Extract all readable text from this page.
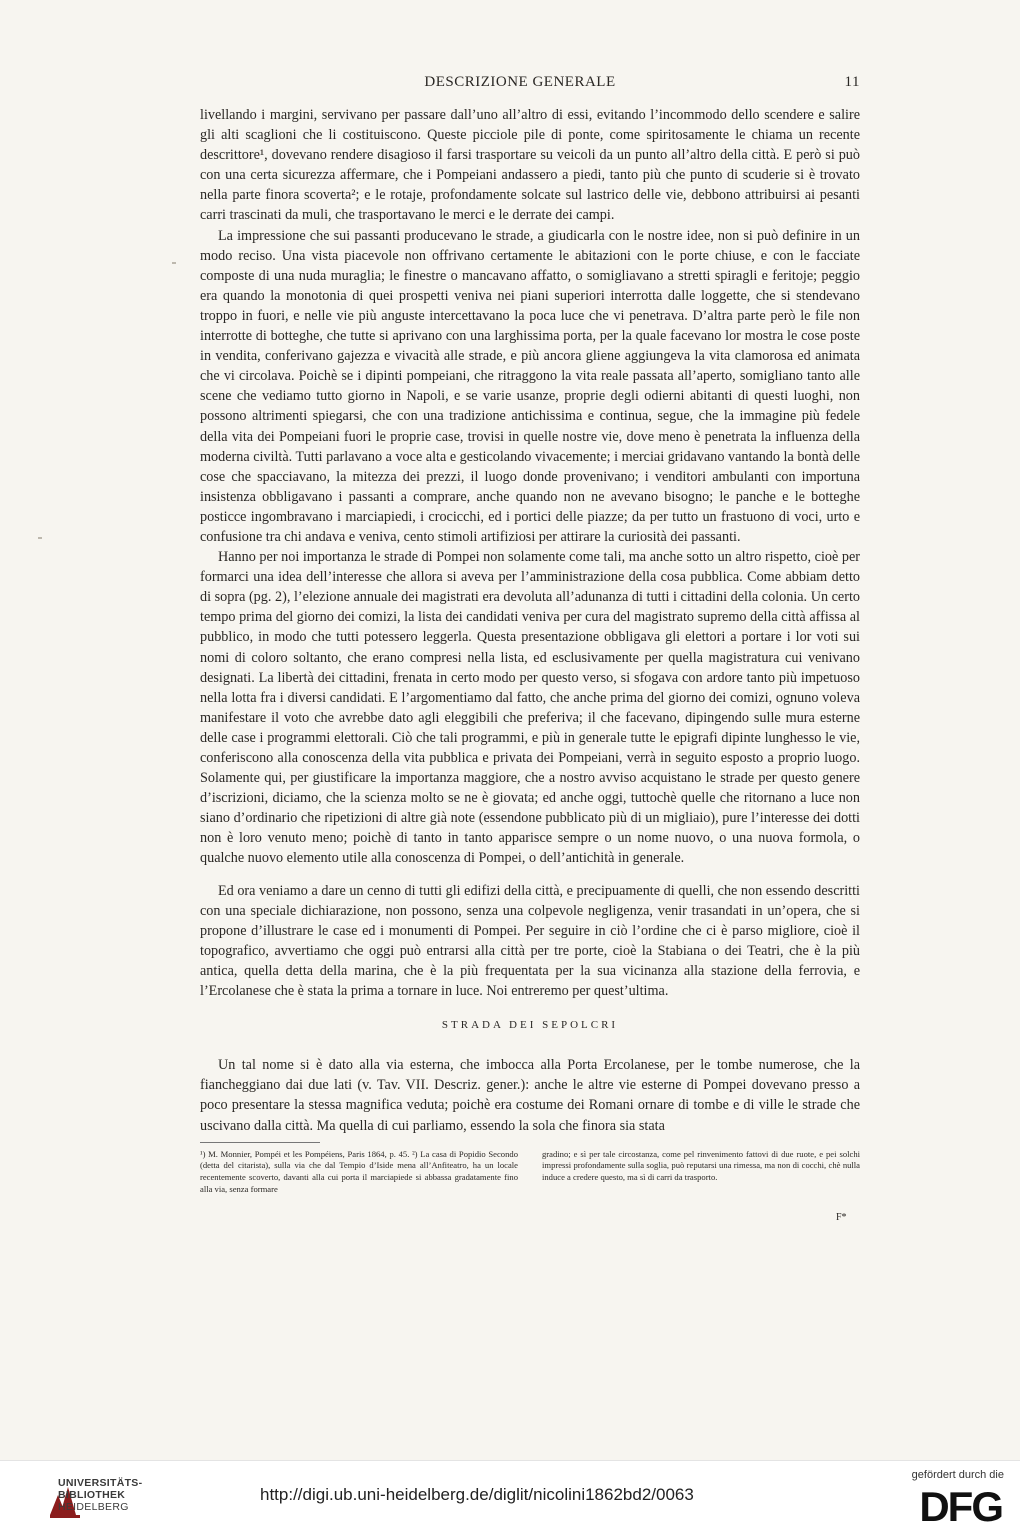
DESCRIZIONE GENERALE	11

livellando i margini, servivano per passare dall’uno all’altro di essi, evitando l’incommodo dello scendere e salire gli alti scaglioni che li costituiscono. Queste picciole pile di ponte, come spiritosamente le chiama un recente descrittore¹, dovevano rendere disagioso il farsi trasportare su veicoli da un punto all’altro della città. E però si può con una certa sicurezza affermare, che i Pompeiani andassero a piedi, tanto più che punto di scuderie si è trovato nella parte finora scoverta²; e le rotaje, profondamente solcate sul lastrico delle vie, debbono attribuirsi ai pesanti carri trascinati da muli, che trasportavano le merci e le derrate dei campi.

La impressione che sui passanti producevano le strade, a giudicarla con le nostre idee, non si può definire in un modo reciso. Una vista piacevole non offrivano certamente le abitazioni con le porte chiuse, e con le facciate composte di una nuda muraglia; le finestre o mancavano affatto, o somigliavano a stretti spiragli e feritoje; peggio era quando la monotonia di quei prospetti veniva nei piani superiori interrotta dalle loggette, che si stendevano troppo in fuori, e nelle vie più anguste intercettavano la poca luce che vi penetrava. D’altra parte però le file non interrotte di botteghe, che tutte si aprivano con una larghissima porta, per la quale facevano lor mostra le cose poste in vendita, conferivano gajezza e vivacità alle strade, e più ancora gliene aggiungeva la vita clamorosa ed animata che vi circolava. Poichè se i dipinti pompeiani, che ritraggono la vita reale passata all’aperto, somigliano tanto alle scene che vediamo tutto giorno in Napoli, e se varie usanze, proprie degli odierni abitanti di questi luoghi, non possono altrimenti spiegarsi, che con una tradizione antichissima e continua, segue, che la immagine più fedele della vita dei Pompeiani fuori le proprie case, trovisi in quelle nostre vie, dove meno è penetrata la influenza della moderna civiltà. Tutti parlavano a voce alta e gesticolando vivacemente; i merciai gridavano vantando la bontà delle cose che spacciavano, la mitezza dei prezzi, il luogo donde provenivano; i venditori ambulanti con importuna insistenza obbligavano i passanti a comprare, anche quando non ne avevano bisogno; le panche e le botteghe posticce ingombravano i marciapiedi, i crocicchi, ed i portici delle piazze; da per tutto un frastuono di voci, urto e confusione tra chi andava e veniva, cento stimoli artifiziosi per attirare la curiosità dei passanti.

Hanno per noi importanza le strade di Pompei non solamente come tali, ma anche sotto un altro rispetto, cioè per formarci una idea dell’interesse che allora si aveva per l’amministrazione della cosa pubblica. Come abbiam detto di sopra (pg. 2), l’elezione annuale dei magistrati era devoluta all’adunanza di tutti i cittadini della colonia. Un certo tempo prima del giorno dei comizi, la lista dei candidati veniva per cura del magistrato supremo della città affissa al pubblico, in modo che tutti potessero leggerla. Questa presentazione obbligava gli elettori a portare i lor voti sui nomi di coloro soltanto, che erano compresi nella lista, ed esclusivamente per quella magistratura cui venivano designati. La libertà dei cittadini, frenata in certo modo per questo verso, si sfogava con ardore tanto più impetuoso nella lotta fra i diversi candidati. E l’argomentiamo dal fatto, che anche prima del giorno dei comizi, ognuno voleva manifestare il voto che avrebbe dato agli eleggibili che preferiva; il che facevano, dipingendo sulle mura esterne delle case i programmi elettorali. Ciò che tali programmi, e più in generale tutte le epigrafi dipinte lunghesso le vie, conferiscono alla conoscenza della vita pubblica e privata dei Pompeiani, verrà in seguito esposto a proprio luogo. Solamente qui, per giustificare la importanza maggiore, che a nostro avviso acquistano le strade per questo genere d’iscrizioni, diciamo, che la scienza molto se ne è giovata; ed anche oggi, tuttochè quelle che ritornano a luce non siano d’ordinario che ripetizioni di altre già note (essendone pubblicato più di un migliaio), pure l’interesse dei dotti non è loro venuto meno; poichè di tanto in tanto apparisce sempre o un nome nuovo, o una nuova formola, o qualche nuovo elemento utile alla conoscenza di Pompei, o dell’antichità in generale.

Ed ora veniamo a dare un cenno di tutti gli edifizi della città, e precipuamente di quelli, che non essendo descritti con una speciale dichiarazione, non possono, senza una colpevole negligenza, venir trasandati in un’opera, che si propone d’illustrare le case ed i monumenti di Pompei. Per seguire in ciò l’ordine che ci è parso migliore, cioè il topografico, avvertiamo che oggi può entrarsi alla città per tre porte, cioè la Stabiana o dei Teatri, che è la più antica, quella detta della marina, che è la più frequentata per la sua vicinanza alla stazione della ferrovia, e l’Ercolanese che è stata la prima a tornare in luce. Noi entreremo per quest’ultima.

STRADA DEI SEPOLCRI

Un tal nome si è dato alla via esterna, che imbocca alla Porta Ercolanese, per le tombe numerose, che la fiancheggiano dai due lati (v. Tav. VII. Descriz. gener.): anche le altre vie esterne di Pompei dovevano presso a poco presentare la stessa magnifica veduta; poichè era costume dei Romani ornare di tombe e di ville le strade che uscivano dalla città. Ma quella di cui parliamo, essendo la sola che finora sia stata

¹) M. Monnier, Pompéi et les Pompéiens, Paris 1864, p. 45. ²) La casa di Popidio Secondo (detta del citarista), sulla via che dal Tempio d’Iside mena all’Anfiteatro, ha un locale recentemente scoverto, davanti alla cui porta il marciapiede si abbassa gradatamente fino alla via, senza formare
gradino; e sì per tale circostanza, come pel rinvenimento fattovi di due ruote, e pei solchi impressi profondamente sulla soglia, può reputarsi una rimessa, ma non di cocchi, chè nulla induce a credere questo, ma sì di carri da trasporto.
F*
UNIVERSITÄTS-
BIBLIOTHEK
HEIDELBERG
http://digi.ub.uni-heidelberg.de/diglit/nicolini1862bd2/0063
gefördert durch die
DFG
